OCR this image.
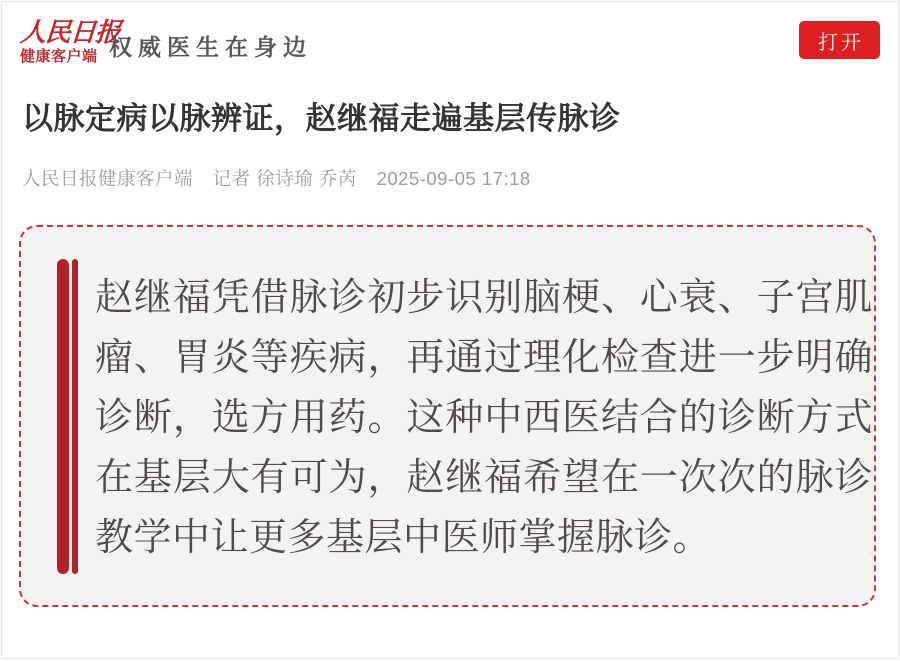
人民日报
健康客户端 权威医生在身边	打开
以脉定病以脉辨证，赵继福走遍基层传脉诊
人民日报健康客户端 记者 徐诗瑜 乔芮 2025-09-05 17:18
赵继福凭借脉诊初步识别脑梗、心衰、子宫肌瘤、胃炎等疾病，再通过理化检查进一步明确诊断，选方用药。这种中西医结合的诊断方式在基层大有可为，赵继福希望在一次次的脉诊教学中让更多基层中医师掌握脉诊。
